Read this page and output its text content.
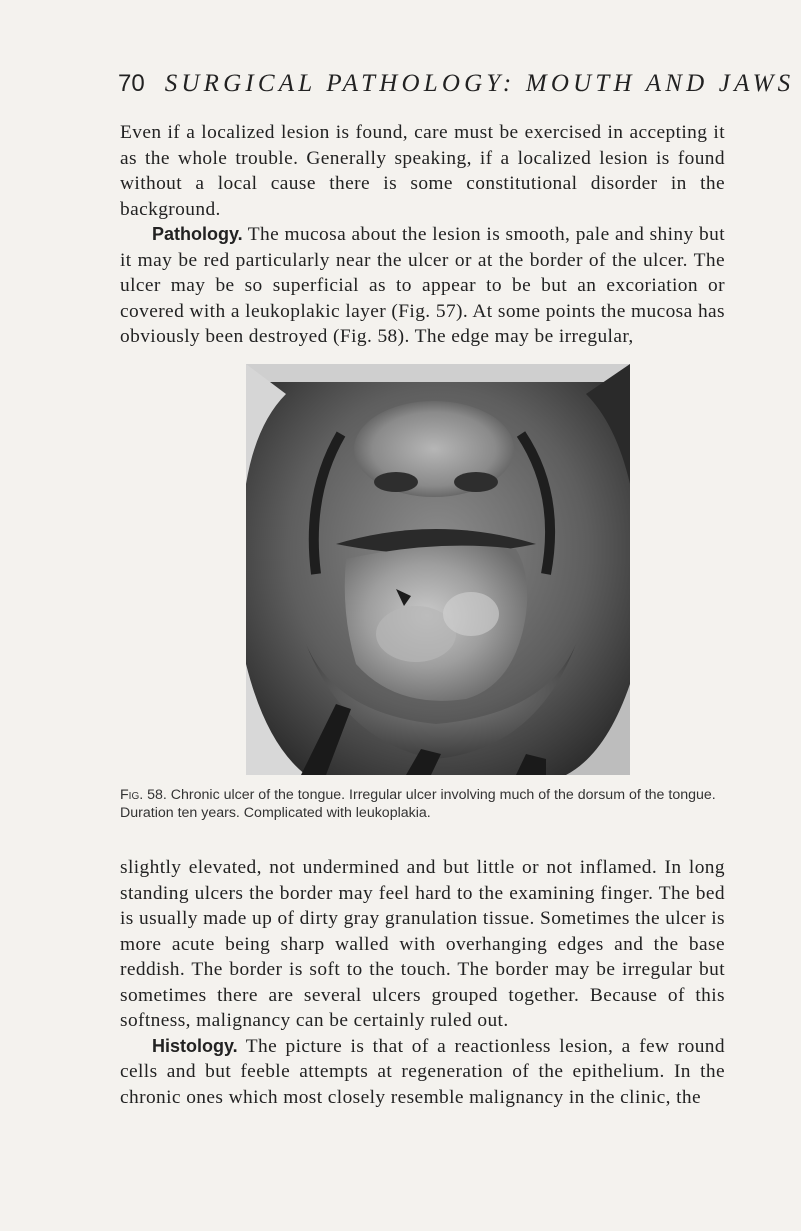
70 SURGICAL PATHOLOGY: MOUTH AND JAWS

Even if a localized lesion is found, care must be exercised in accepting it as the whole trouble. Generally speaking, if a localized lesion is found without a local cause there is some constitutional disorder in the background.

Pathology. The mucosa about the lesion is smooth, pale and shiny but it may be red particularly near the ulcer or at the border of the ulcer. The ulcer may be so superficial as to appear to be but an excoriation or covered with a leukoplakic layer (Fig. 57). At some points the mucosa has obviously been destroyed (Fig. 58). The edge may be irregular,

Fig. 58. Chronic ulcer of the tongue. Irregular ulcer involving much of the dorsum of the tongue. Duration ten years. Complicated with leukoplakia.

slightly elevated, not undermined and but little or not inflamed. In long standing ulcers the border may feel hard to the examining finger. The bed is usually made up of dirty gray granulation tissue. Sometimes the ulcer is more acute being sharp walled with overhanging edges and the base reddish. The border is soft to the touch. The border may be irregular but sometimes there are several ulcers grouped together. Because of this softness, malignancy can be certainly ruled out.

Histology. The picture is that of a reactionless lesion, a few round cells and but feeble attempts at regeneration of the epithelium. In the chronic ones which most closely resemble malignancy in the clinic, the
